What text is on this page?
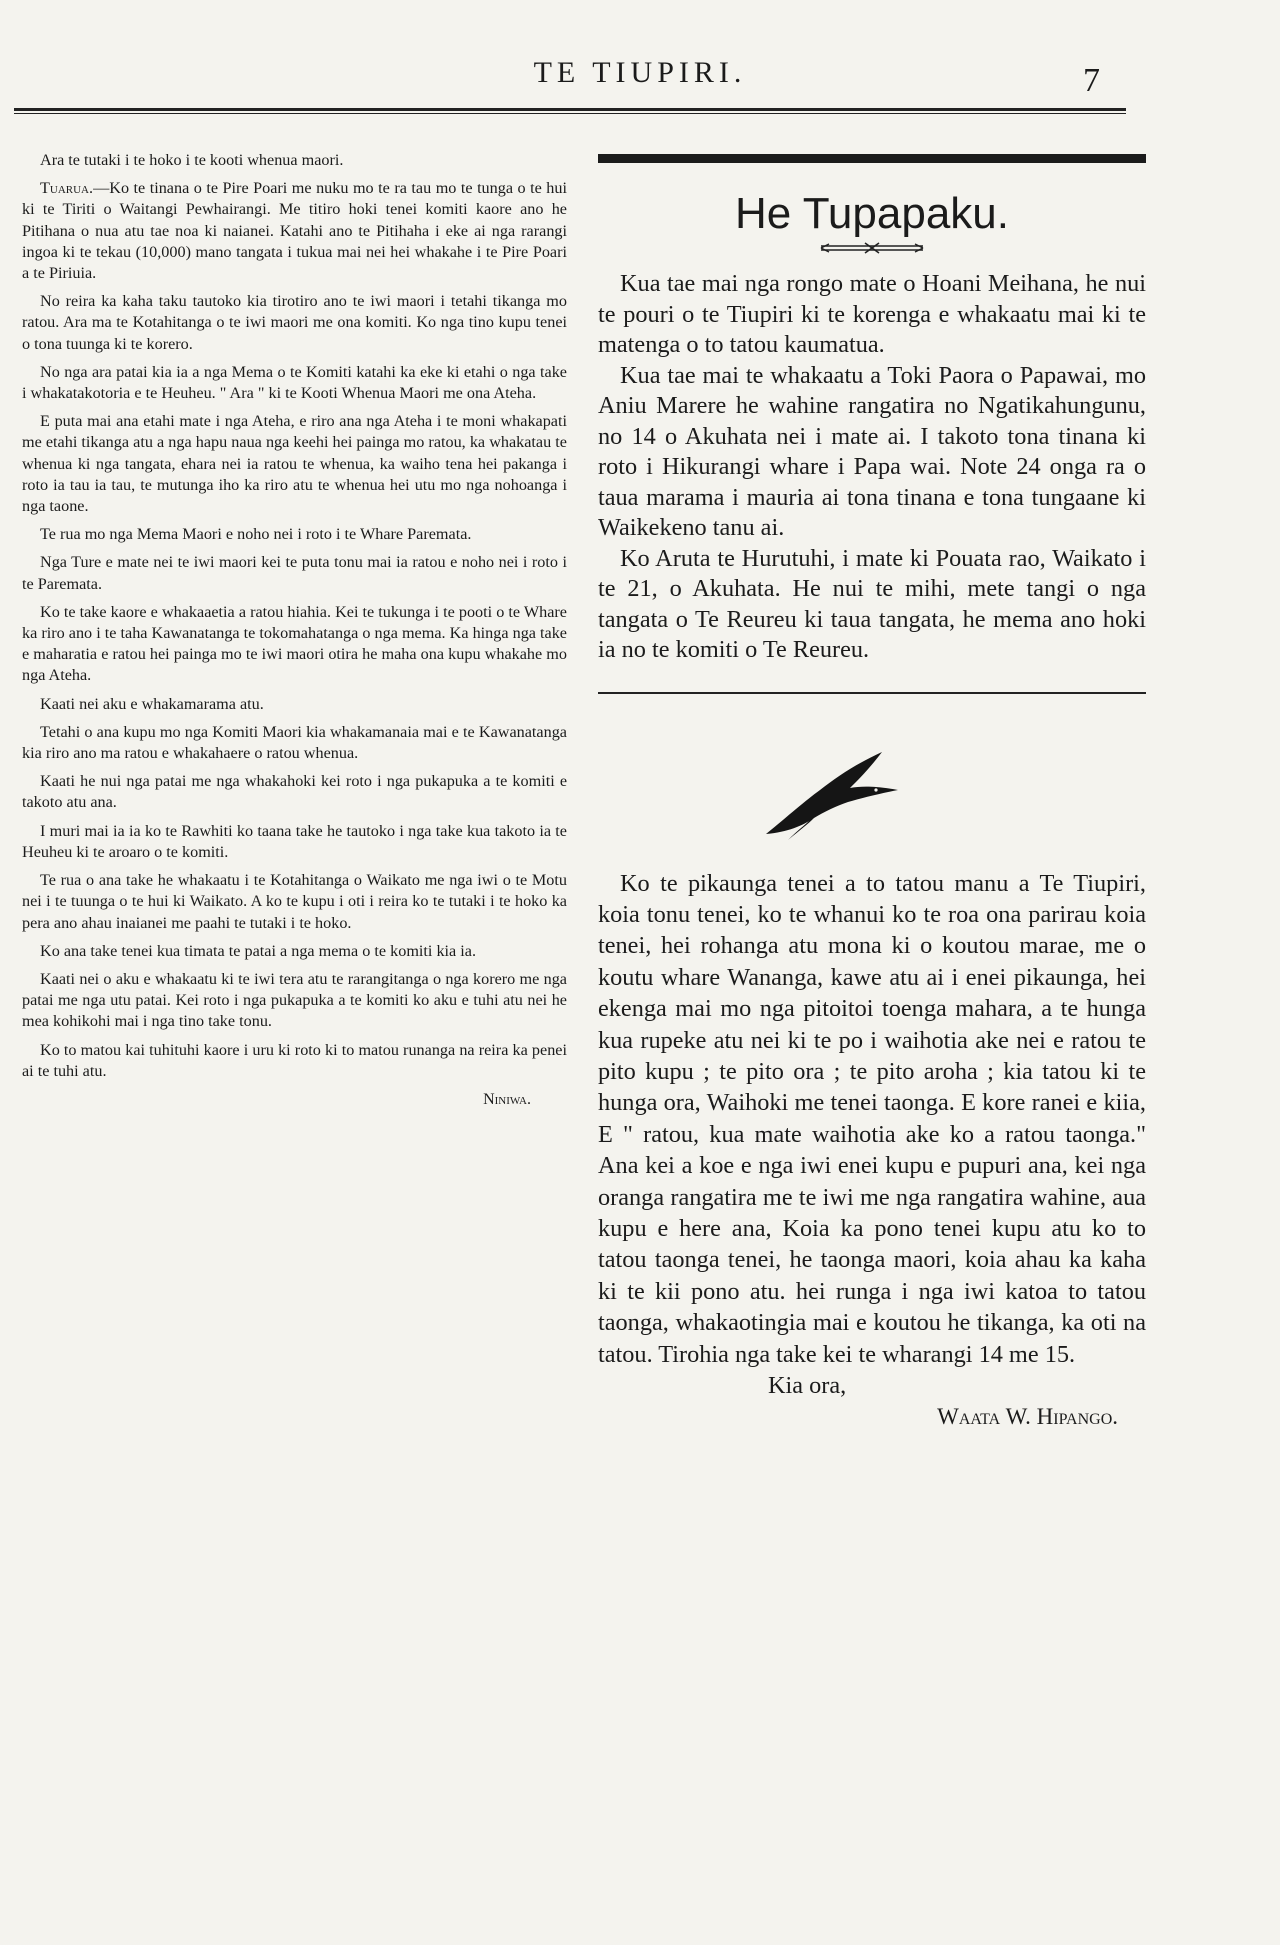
TE TIUPIRI.	7

Ara te tutaki i te hoko i te kooti whenua maori.

Tuarua.—Ko te tinana o te Pire Poari me nuku mo te ra tau mo te tunga o te hui ki te Tiriti o Waitangi Pewhairangi. Me titiro hoki tenei komiti kaore ano he Pitihana o nua atu tae noa ki naianei. Katahi ano te Pitihaha i eke ai nga rarangi ingoa ki te tekau (10,000) mano tangata i tukua mai nei hei whakahe i te Pire Poari a te Piriuia.

No reira ka kaha taku tautoko kia tirotiro ano te iwi maori i tetahi tikanga mo ratou. Ara ma te Kotahitanga o te iwi maori me ona komiti. Ko nga tino kupu tenei o tona tuunga ki te korero.

No nga ara patai kia ia a nga Mema o te Komiti katahi ka eke ki etahi o nga take i whakatakotoria e te Heuheu. " Ara " ki te Kooti Whenua Maori me ona Ateha.

E puta mai ana etahi mate i nga Ateha, e riro ana nga Ateha i te moni whakapati me etahi tikanga atu a nga hapu naua nga keehi hei painga mo ratou, ka whakatau te whenua ki nga tangata, ehara nei ia ratou te whenua, ka waiho tena hei pakanga i roto ia tau ia tau, te mutunga iho ka riro atu te whenua hei utu mo nga nohoanga i nga taone.

Te rua mo nga Mema Maori e noho nei i roto i te Whare Paremata.

Nga Ture e mate nei te iwi maori kei te puta tonu mai ia ratou e noho nei i roto i te Paremata.

Ko te take kaore e whakaaetia a ratou hiahia. Kei te tukunga i te pooti o te Whare ka riro ano i te taha Kawanatanga te tokomahatanga o nga mema. Ka hinga nga take e maharatia e ratou hei painga mo te iwi maori otira he maha ona kupu whakahe mo nga Ateha.

Kaati nei aku e whakamarama atu.

Tetahi o ana kupu mo nga Komiti Maori kia whakamanaia mai e te Kawanatanga kia riro ano ma ratou e whakahaere o ratou whenua.

Kaati he nui nga patai me nga whakahoki kei roto i nga pukapuka a te komiti e takoto atu ana.

I muri mai ia ia ko te Rawhiti ko taana take he tautoko i nga take kua takoto ia te Heuheu ki te aroaro o te komiti.

Te rua o ana take he whakaatu i te Kotahitanga o Waikato me nga iwi o te Motu nei i te tuunga o te hui ki Waikato. A ko te kupu i oti i reira ko te tutaki i te hoko ka pera ano ahau inaianei me paahi te tutaki i te hoko.

Ko ana take tenei kua timata te patai a nga mema o te komiti kia ia.

Kaati nei o aku e whakaatu ki te iwi tera atu te rarangitanga o nga korero me nga patai me nga utu patai. Kei roto i nga pukapuka a te komiti ko aku e tuhi atu nei he mea kohikohi mai i nga tino take tonu.

Ko to matou kai tuhituhi kaore i uru ki roto ki to matou runanga na reira ka penei ai te tuhi atu.

Niniwa.
He Tupapaku.

Kua tae mai nga rongo mate o Hoani Meihana, he nui te pouri o te Tiupiri ki te korenga e whakaatu mai ki te matenga o to tatou kaumatua.

Kua tae mai te whakaatu a Toki Paora o Papawai, mo Aniu Marere he wahine rangatira no Ngatikahungunu, no 14 o Akuhata nei i mate ai. I takoto tona tinana ki roto i Hikurangi whare i Papa wai. Note 24 onga ra o taua marama i mauria ai tona tinana e tona tungaane ki Waikekeno tanu ai.

Ko Aruta te Hurutuhi, i mate ki Pouata rao, Waikato i te 21, o Akuhata. He nui te mihi, mete tangi o nga tangata o Te Reureu ki taua tangata, he mema ano hoki ia no te komiti o Te Reureu.

Ko te pikaunga tenei a to tatou manu a Te Tiupiri, koia tonu tenei, ko te whanui ko te roa ona parirau koia tenei, hei rohanga atu mona ki o koutou marae, me o koutu whare Wananga, kawe atu ai i enei pikaunga, hei ekenga mai mo nga pitoitoi toenga mahara, a te hunga kua rupeke atu nei ki te po i waihotia ake nei e ratou te pito kupu ; te pito ora ; te pito aroha ; kia tatou ki te hunga ora, Waihoki me tenei taonga. E kore ranei e kiia, E " ratou, kua mate waihotia ake ko a ratou taonga." Ana kei a koe e nga iwi enei kupu e pupuri ana, kei nga oranga rangatira me te iwi me nga rangatira wahine, aua kupu e here ana, Koia ka pono tenei kupu atu ko to tatou taonga tenei, he taonga maori, koia ahau ka kaha ki te kii pono atu. hei runga i nga iwi katoa to tatou taonga, whakaotingia mai e koutou he tikanga, ka oti na tatou. Tirohia nga take kei te wharangi 14 me 15.

Kia ora,

Waata W. Hipango.
